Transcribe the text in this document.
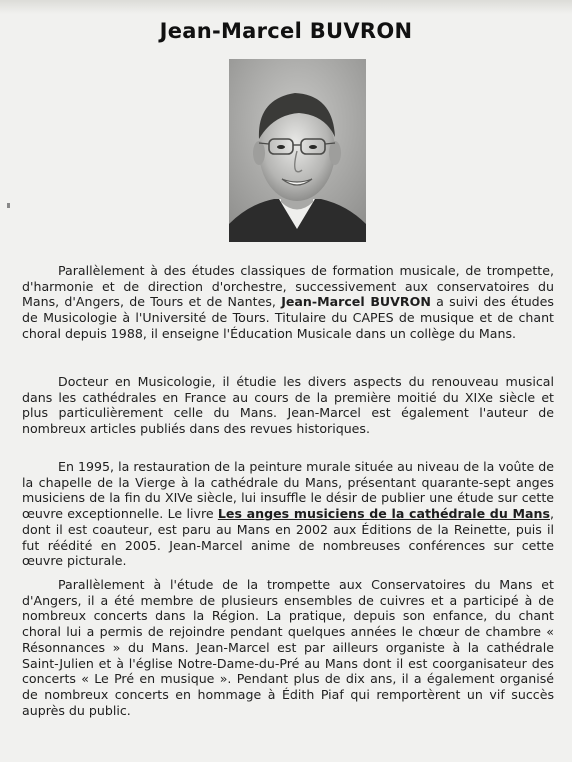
Jean-Marcel BUVRON

Parallèlement à des études classiques de formation musicale, de trompette, d'harmonie et de direction d'orchestre, successivement aux conservatoires du Mans, d'Angers, de Tours et de Nantes, Jean-Marcel BUVRON a suivi des études de Musicologie à l'Université de Tours. Titulaire du CAPES de musique et de chant choral depuis 1988, il enseigne l'Éducation Musicale dans un collège du Mans.

Docteur en Musicologie, il étudie les divers aspects du renouveau musical dans les cathédrales en France au cours de la première moitié du XIXe siècle et plus particulièrement celle du Mans. Jean-Marcel est également l'auteur de nombreux articles publiés dans des revues historiques.

En 1995, la restauration de la peinture murale située au niveau de la voûte de la chapelle de la Vierge à la cathédrale du Mans, présentant quarante-sept anges musiciens de la fin du XIVe siècle, lui insuffle le désir de publier une étude sur cette œuvre exceptionnelle. Le livre Les anges musiciens de la cathédrale du Mans, dont il est coauteur, est paru au Mans en 2002 aux Éditions de la Reinette, puis il fut réédité en 2005. Jean-Marcel anime de nombreuses conférences sur cette œuvre picturale.

Parallèlement à l'étude de la trompette aux Conservatoires du Mans et d'Angers, il a été membre de plusieurs ensembles de cuivres et a participé à de nombreux concerts dans la Région. La pratique, depuis son enfance, du chant choral lui a permis de rejoindre pendant quelques années le chœur de chambre « Résonnances » du Mans. Jean-Marcel est par ailleurs organiste à la cathédrale Saint-Julien et à l'église Notre-Dame-du-Pré au Mans dont il est coorganisateur des concerts « Le Pré en musique ». Pendant plus de dix ans, il a également organisé de nombreux concerts en hommage à Édith Piaf qui remportèrent un vif succès auprès du public.
